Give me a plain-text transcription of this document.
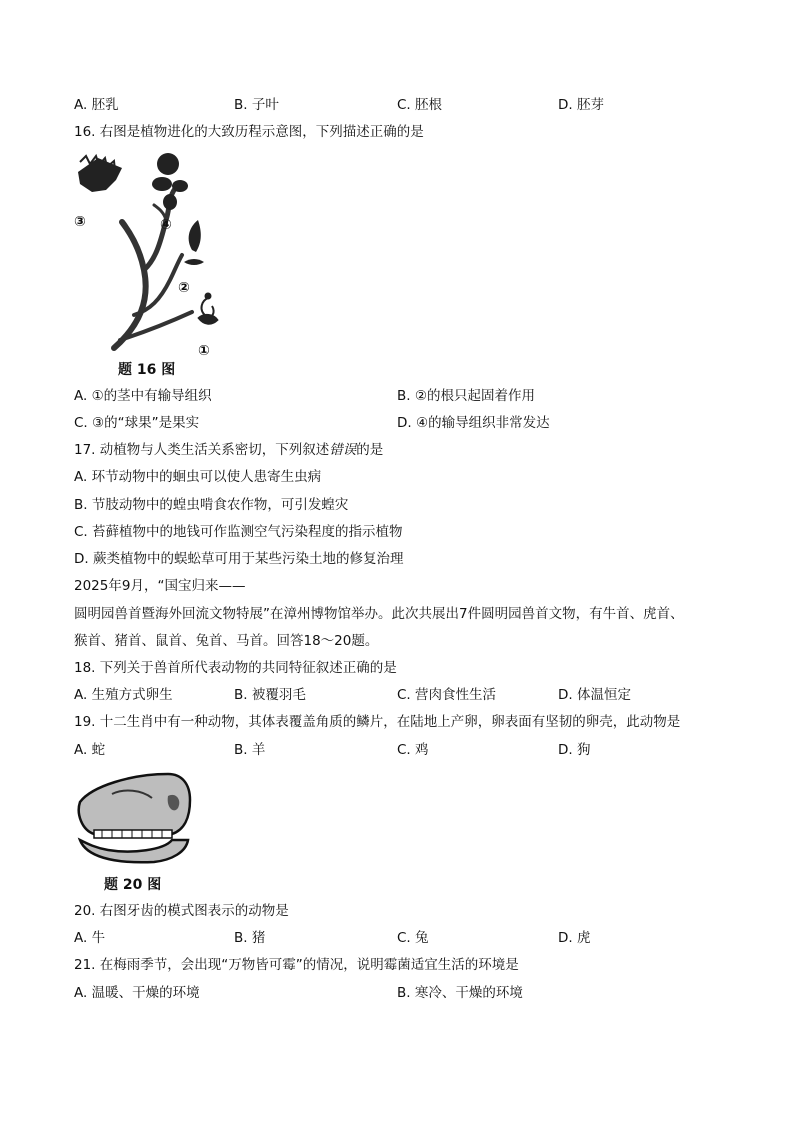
A. 胚乳	B. 子叶	C. 胚根	D. 胚芽
16. 右图是植物进化的大致历程示意图，下列描述正确的是
③	④
②
①
题 16 图
A. ①的茎中有输导组织	B. ②的根只起固着作用
C. ③的“球果”是果实	D. ④的输导组织非常发达
17. 动植物与人类生活关系密切，下列叙述错误的是
A. 环节动物中的蛔虫可以使人患寄生虫病
B. 节肢动物中的蝗虫啃食农作物，可引发蝗灾
C. 苔藓植物中的地钱可作监测空气污染程度的指示植物
D. 蕨类植物中的蜈蚣草可用于某些污染土地的修复治理
2025年9月，“国宝归来——
圆明园兽首暨海外回流文物特展”在漳州博物馆举办。此次共展出7件圆明园兽首文物，有牛首、虎首、
猴首、猪首、鼠首、兔首、马首。回答18～20题。
18. 下列关于兽首所代表动物的共同特征叙述正确的是
A. 生殖方式卵生	B. 被覆羽毛	C. 营肉食性生活	D. 体温恒定
19. 十二生肖中有一种动物，其体表覆盖角质的鳞片，在陆地上产卵，卵表面有坚韧的卵壳，此动物是
A. 蛇	B. 羊	C. 鸡	D. 狗
题 20 图
20. 右图牙齿的模式图表示的动物是
A. 牛	B. 猪	C. 兔	D. 虎
21. 在梅雨季节，会出现“万物皆可霉”的情况，说明霉菌适宜生活的环境是
A. 温暖、干燥的环境	B. 寒冷、干燥的环境
